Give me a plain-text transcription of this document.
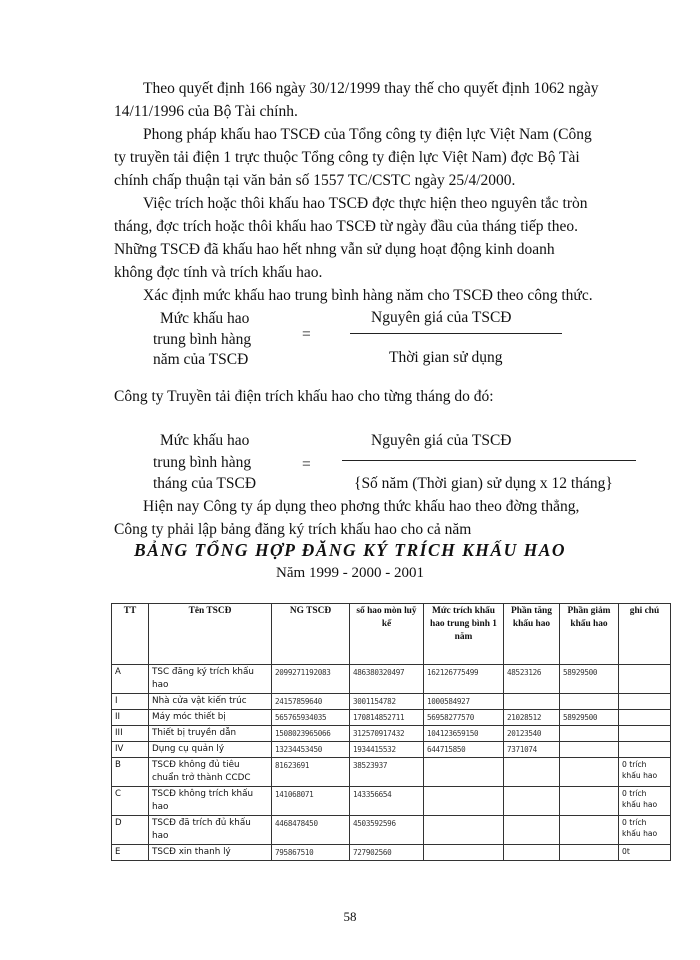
Theo quyết định 166 ngày 30/12/1999 thay thế cho quyết định 1062 ngày
14/11/1996 của Bộ Tài chính.
Phong pháp khấu hao TSCĐ của Tổng công ty điện lực Việt Nam (Công
ty truyền tải điện 1 trực thuộc Tổng công ty điện lực Việt Nam) đợc Bộ Tài
chính chấp thuận tại văn bản số 1557 TC/CSTC ngày 25/4/2000.
Việc trích hoặc thôi khấu hao TSCĐ đợc thực hiện theo nguyên tắc tròn
tháng, đợc trích hoặc thôi khấu hao TSCĐ từ ngày đầu của tháng tiếp theo.
Những TSCĐ đã khấu hao hết nhng vẫn sử dụng hoạt động kinh doanh
không đợc tính và trích khấu hao.
Xác định mức khấu hao trung bình hàng năm cho TSCĐ theo công thức.
Mức khấu hao
trung bình hàng
năm của TSCĐ
=
Nguyên giá của TSCĐ
Thời gian sử dụng
Công ty Truyền tải điện trích khấu hao cho từng tháng do đó:
Mức khấu hao
trung bình hàng
tháng của TSCĐ
=
Nguyên giá của TSCĐ
{Số năm (Thời gian) sử dụng x 12 tháng}
Hiện nay Công ty áp dụng theo phơng thức khấu hao theo đờng thẳng,
Công ty phải lập bảng đăng ký trích khấu hao cho cả năm
BẢNG TỔNG HỢP ĐĂNG KÝ TRÍCH KHẤU HAO
Năm 1999 - 2000 - 2001
TT	Tên TSCĐ	NG TSCĐ	số hao mòn luỹ kế	Mức trích khấu hao trung bình 1 năm	Phần tăng khấu hao	Phần giảm khấu hao	ghi chú
A	TSC đăng ký trích khấu hao	2099271192083	486380320497	162126775499	48523126	58929500	
I	Nhà cửa vật kiến trúc	24157859640	3001154782	1000584927			
II	Máy móc thiết bị	565765934035	170814852711	56958277570	21028512	58929500	
III	Thiết bị truyền dẫn	1508023965066	312570917432	104123659150	20123540		
IV	Dụng cụ quản lý	13234453450	1934415532	644715850	7371074		
B	TSCĐ không đủ tiêu chuẩn trở thành CCDC	81623691	38523937				0 trích khấu hao
C	TSCĐ không trích khấu hao	141068071	143356654				0 trích khấu hao
D	TSCĐ đã trích đủ khấu hao	4468478450	4503592596				0 trích khấu hao
E	TSCĐ xin thanh lý	795867510	727902560				0t
58
